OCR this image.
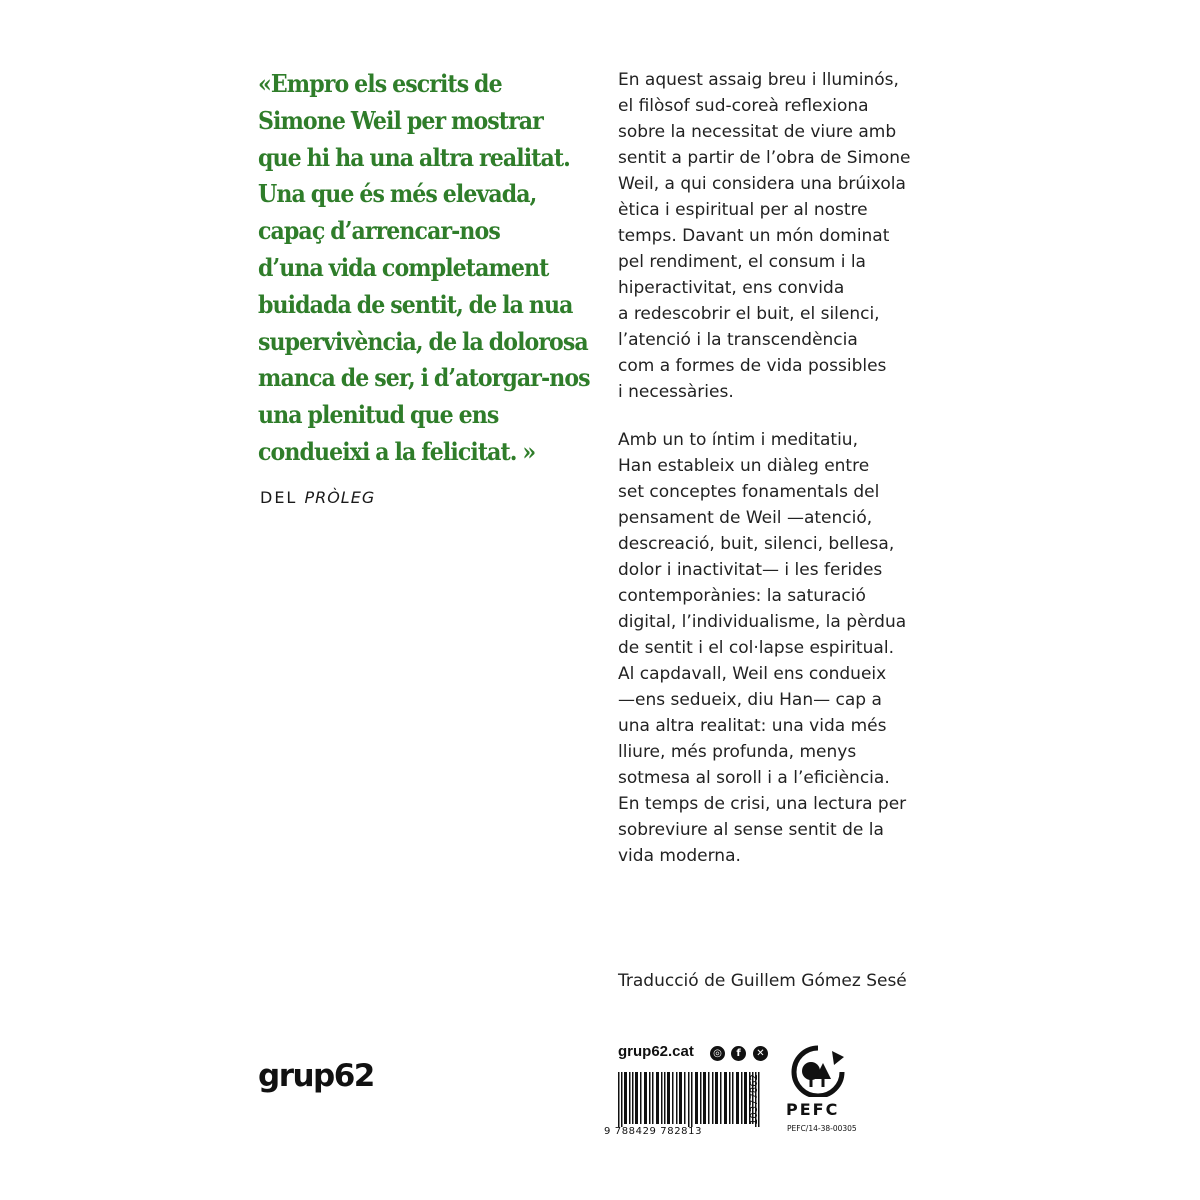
«Empro els escrits de
Simone Weil per mostrar
que hi ha una altra realitat.
Una que és més elevada,
capaç d’arrencar-nos
d’una vida completament
buidada de sentit, de la nua
supervivència, de la dolorosa
manca de ser, i d’atorgar-nos
una plenitud que ens
condueixi a la felicitat. »
DEL PRÒLEG
En aquest assaig breu i lluminós,
el filòsof sud-coreà reflexiona
sobre la necessitat de viure amb
sentit a partir de l’obra de Simone
Weil, a qui considera una brúixola
ètica i espiritual per al nostre
temps. Davant un món dominat
pel rendiment, el consum i la
hiperactivitat, ens convida
a redescobrir el buit, el silenci,
l’atenció i la transcendència
com a formes de vida possibles
i necessàries.
Amb un to íntim i meditatiu,
Han estableix un diàleg entre
set conceptes fonamentals del
pensament de Weil —atenció,
descreació, buit, silenci, bellesa,
dolor i inactivitat— i les ferides
contemporànies: la saturació
digital, l’individualisme, la pèrdua
de sentit i el col·lapse espiritual.
Al capdavall, Weil ens condueix
—ens sedueix, diu Han— cap a
una altra realitat: una vida més
lliure, més profunda, menys
sotmesa al soroll i a l’eficiència.
En temps de crisi, una lectura per
sobreviure al sense sentit de la
vida moderna.
Traducció de Guillem Gómez Sesé
grup62
grup62.cat	◎	f	✕
9 788429 782813
10377862 PEFC
PEFC/14-38-00305
